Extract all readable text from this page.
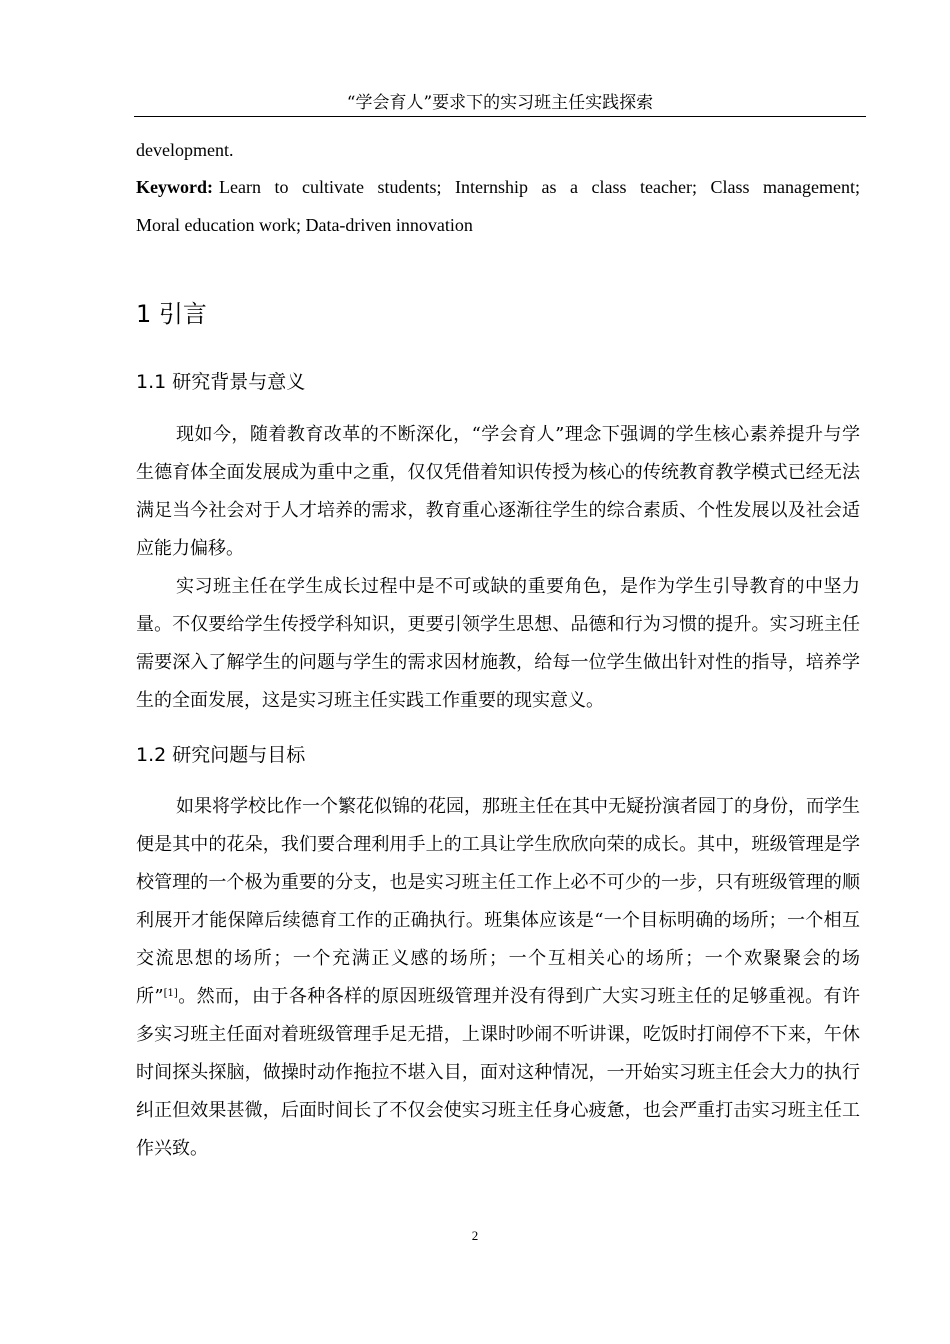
“学会育人”要求下的实习班主任实践探索
development.
Keyword: Learn to cultivate students; Internship as a class teacher; Class management;
Moral education work; Data-driven innovation
1 引言
1.1 研究背景与意义

现如今，随着教育改革的不断深化，“学会育人”理念下强调的学生核心素养提升与学生德育体全面发展成为重中之重，仅仅凭借着知识传授为核心的传统教育教学模式已经无法满足当今社会对于人才培养的需求，教育重心逐渐往学生的综合素质、个性发展以及社会适应能力偏移。

实习班主任在学生成长过程中是不可或缺的重要角色，是作为学生引导教育的中坚力量。不仅要给学生传授学科知识，更要引领学生思想、品德和行为习惯的提升。实习班主任需要深入了解学生的问题与学生的需求因材施教，给每一位学生做出针对性的指导，培养学生的全面发展，这是实习班主任实践工作重要的现实意义。

1.2 研究问题与目标

如果将学校比作一个繁花似锦的花园，那班主任在其中无疑扮演者园丁的身份，而学生便是其中的花朵，我们要合理利用手上的工具让学生欣欣向荣的成长。其中，班级管理是学校管理的一个极为重要的分支，也是实习班主任工作上必不可少的一步，只有班级管理的顺利展开才能保障后续德育工作的正确执行。班集体应该是“一个目标明确的场所；一个相互交流思想的场所；一个充满正义感的场所；一个互相关心的场所；一个欢聚聚会的场所”[1]。然而，由于各种各样的原因班级管理并没有得到广大实习班主任的足够重视。有许多实习班主任面对着班级管理手足无措，上课时吵闹不听讲课，吃饭时打闹停不下来，午休时间探头探脑，做操时动作拖拉不堪入目，面对这种情况，一开始实习班主任会大力的执行纠正但效果甚微，后面时间长了不仅会使实习班主任身心疲惫，也会严重打击实习班主任工作兴致。

2
